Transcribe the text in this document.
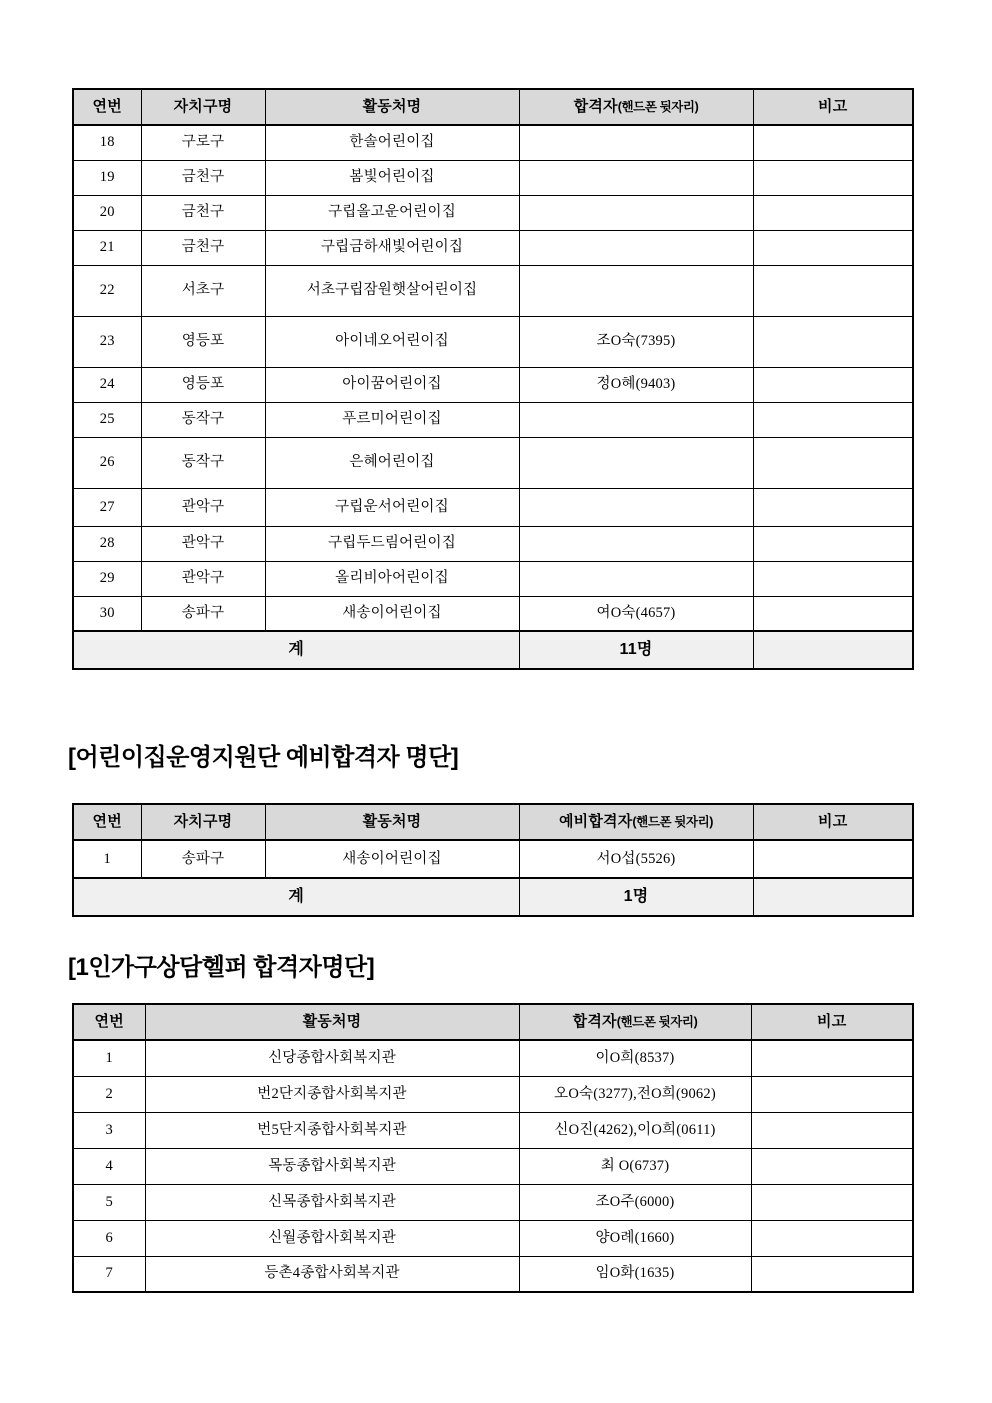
연번	자치구명	활동처명	합격자(핸드폰 뒷자리)	비고
18	구로구	한솔어린이집		
19	금천구	봄빛어린이집		
20	금천구	구립올고운어린이집		
21	금천구	구립금하새빛어린이집		
22	서초구	서초구립잠원햇살어린이집		
23	영등포	아이네오어린이집	조O숙(7395)	
24	영등포	아이꿈어린이집	정O혜(9403)	
25	동작구	푸르미어린이집		
26	동작구	은혜어린이집		
27	관악구	구립운서어린이집		
28	관악구	구립두드림어린이집		
29	관악구	올리비아어린이집		
30	송파구	새송이어린이집	여O숙(4657)	
계			11명	
[어린이집운영지원단 예비합격자 명단]
연번	자치구명	활동처명	예비합격자(핸드폰 뒷자리)	비고
1	송파구	새송이어린이집	서O섭(5526)	
계			1명	
[1인가구상담헬퍼 합격자명단]
연번	활동처명	합격자(핸드폰 뒷자리)	비고
1	신당종합사회복지관	이O희(8537)	
2	번2단지종합사회복지관	오O숙(3277),전O희(9062)	
3	번5단지종합사회복지관	신O진(4262),이O희(0611)	
4	목동종합사회복지관	최 O(6737)	
5	신목종합사회복지관	조O주(6000)	
6	신월종합사회복지관	양O례(1660)	
7	등촌4종합사회복지관	임O화(1635)	
